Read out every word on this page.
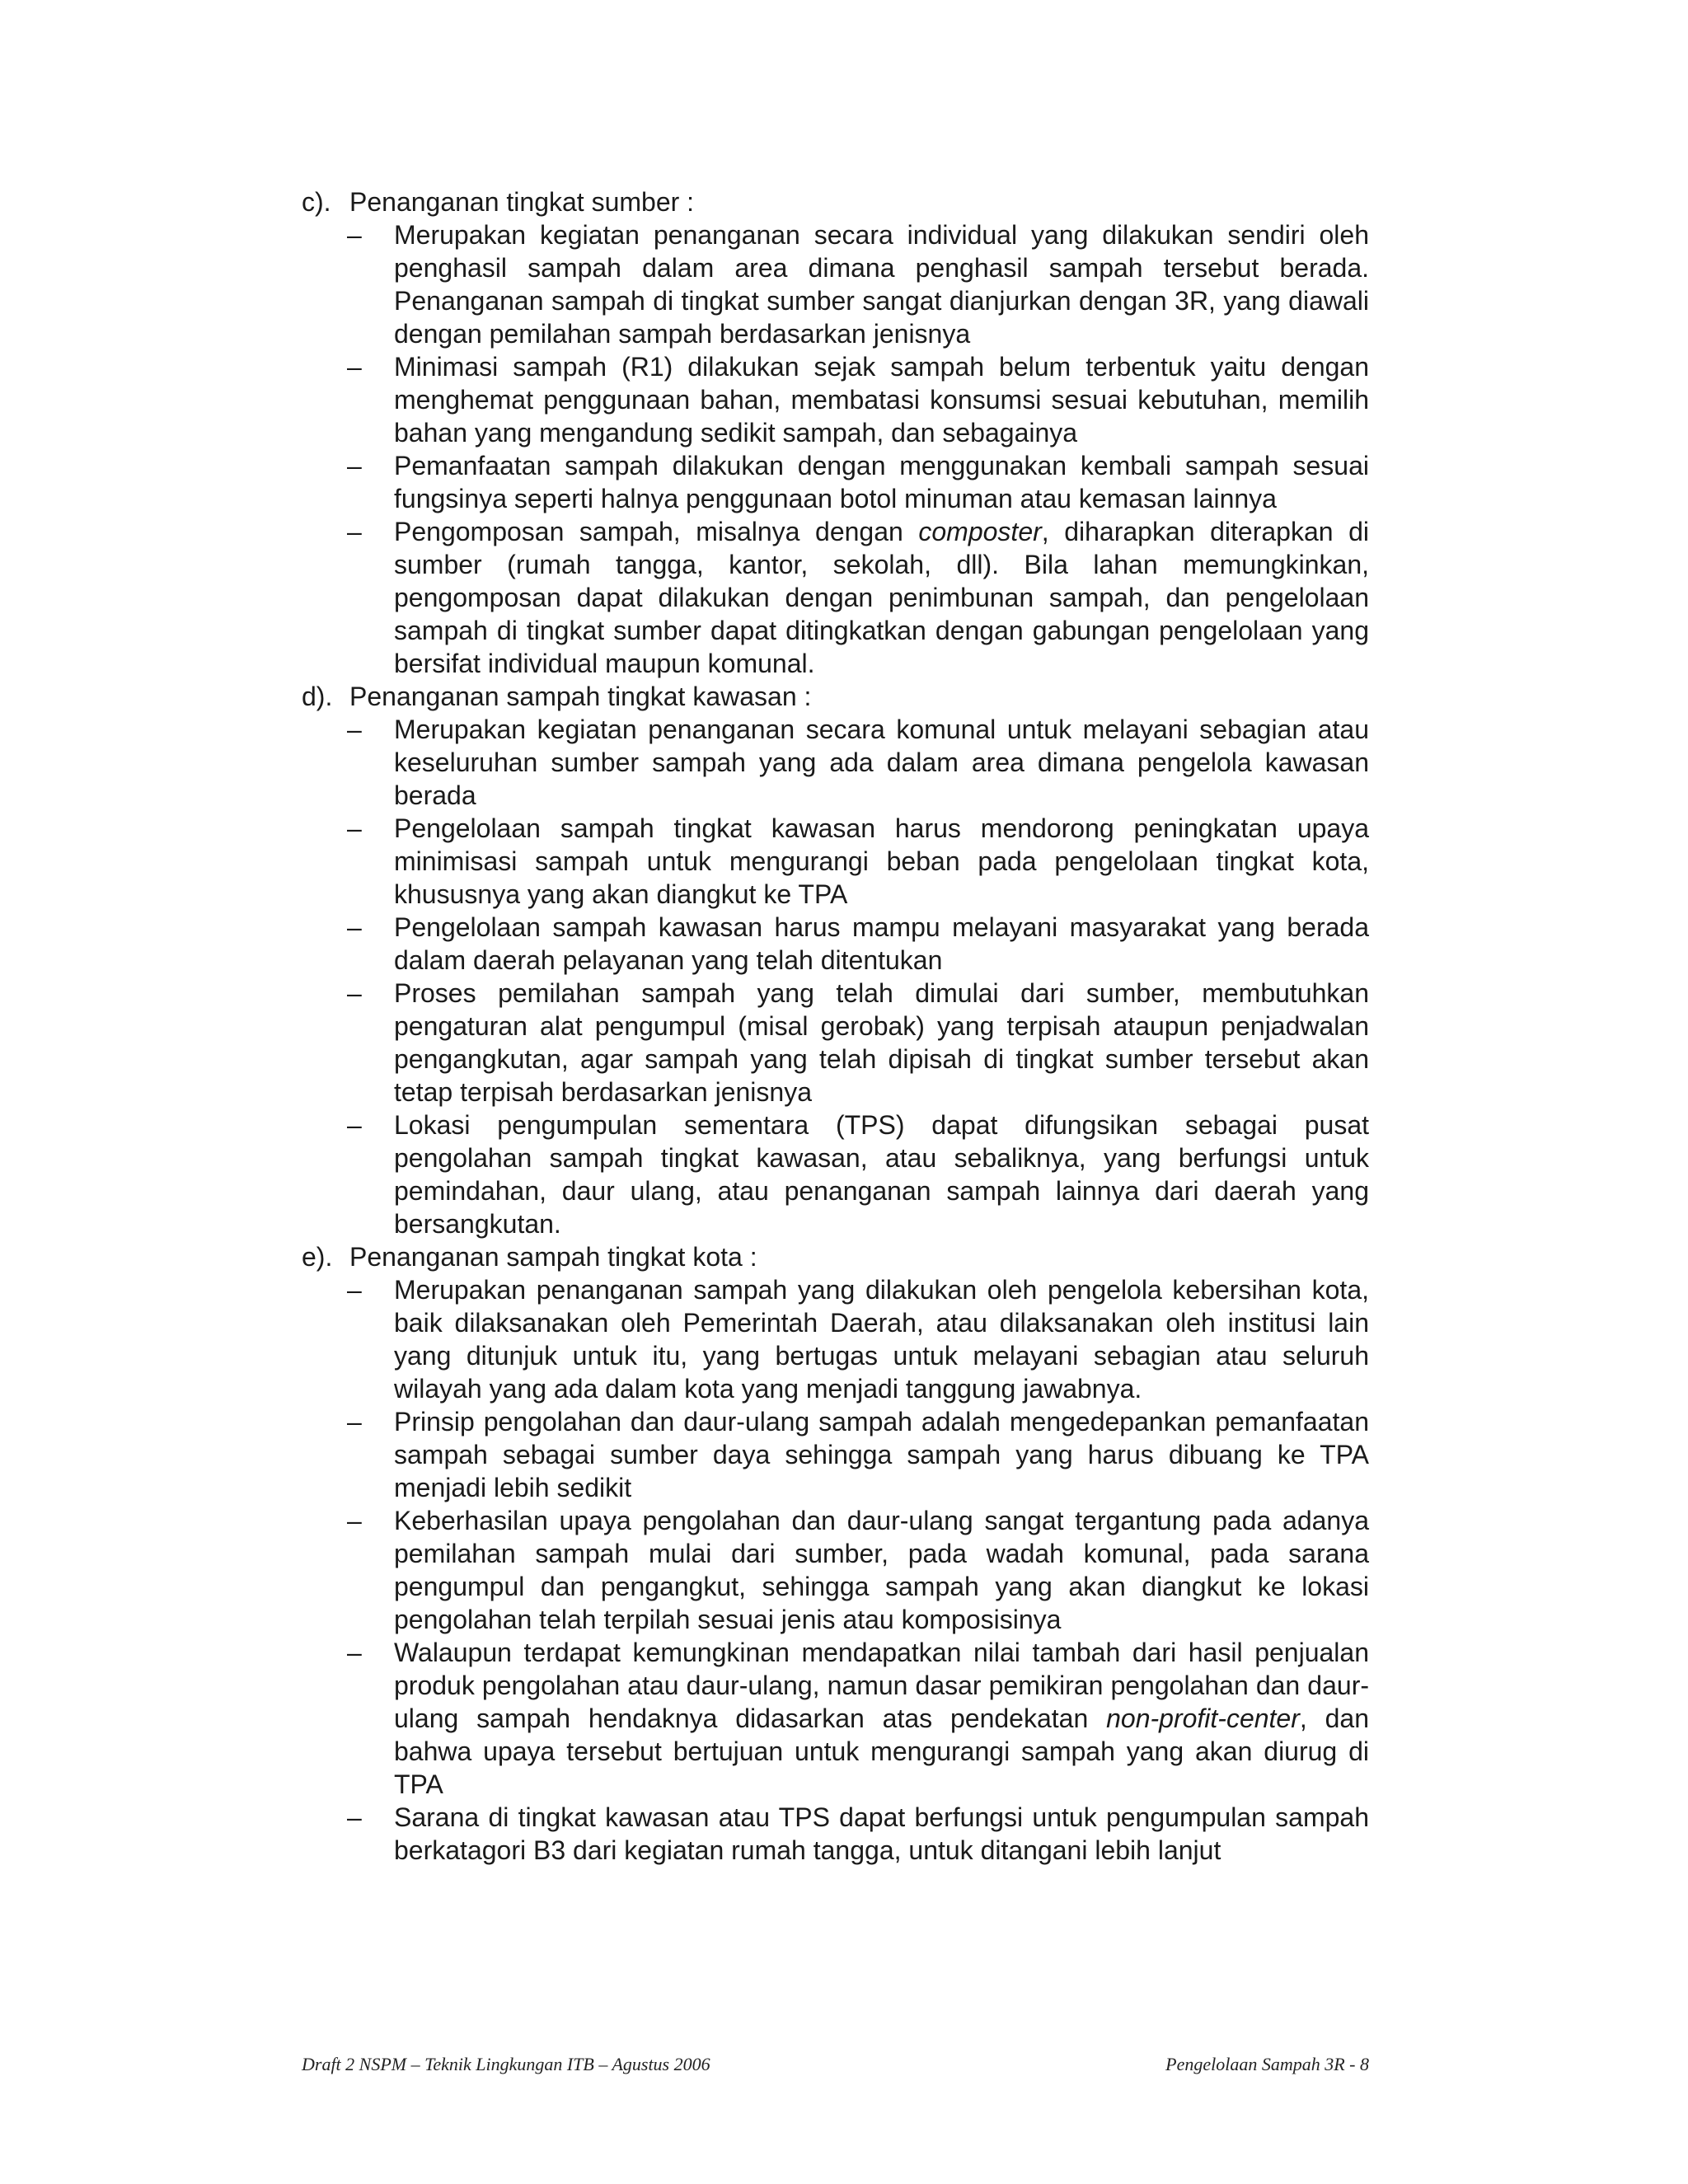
c). Penanganan tingkat sumber :
–	Merupakan kegiatan penanganan secara individual yang dilakukan sendiri oleh penghasil sampah dalam area dimana penghasil sampah tersebut berada. Penanganan sampah di tingkat sumber sangat dianjurkan dengan 3R, yang diawali dengan pemilahan sampah berdasarkan jenisnya
–	Minimasi sampah (R1) dilakukan sejak sampah belum terbentuk yaitu dengan menghemat penggunaan bahan, membatasi konsumsi sesuai kebutuhan, memilih bahan yang mengandung sedikit sampah, dan sebagainya
–	Pemanfaatan sampah dilakukan dengan menggunakan kembali sampah sesuai fungsinya seperti halnya penggunaan botol minuman atau kemasan lainnya
–	Pengomposan sampah, misalnya dengan composter, diharapkan diterapkan di sumber (rumah tangga, kantor, sekolah, dll). Bila lahan memungkinkan, pengomposan dapat dilakukan dengan penimbunan sampah, dan pengelolaan sampah di tingkat sumber dapat ditingkatkan dengan gabungan pengelolaan yang bersifat individual maupun komunal.
d). Penanganan sampah tingkat kawasan :
–	Merupakan kegiatan penanganan secara komunal untuk melayani sebagian atau keseluruhan sumber sampah yang ada dalam area dimana pengelola kawasan berada
–	Pengelolaan sampah tingkat kawasan harus mendorong peningkatan upaya minimisasi sampah untuk mengurangi beban pada pengelolaan tingkat kota, khususnya yang akan diangkut ke TPA
–	Pengelolaan sampah kawasan harus mampu melayani masyarakat yang berada dalam daerah pelayanan yang telah ditentukan
–	Proses pemilahan sampah yang telah dimulai dari sumber, membutuhkan pengaturan alat pengumpul (misal gerobak) yang terpisah ataupun penjadwalan pengangkutan, agar sampah yang telah dipisah di tingkat sumber tersebut akan tetap terpisah berdasarkan jenisnya
–	Lokasi pengumpulan sementara (TPS) dapat difungsikan sebagai pusat pengolahan sampah tingkat kawasan, atau sebaliknya, yang berfungsi untuk pemindahan, daur ulang, atau penanganan sampah lainnya dari daerah yang bersangkutan.
e). Penanganan sampah tingkat kota :
–	Merupakan penanganan sampah yang dilakukan oleh pengelola kebersihan kota, baik dilaksanakan oleh Pemerintah Daerah, atau dilaksanakan oleh institusi lain yang ditunjuk untuk itu, yang bertugas untuk melayani sebagian atau seluruh wilayah yang ada dalam kota yang menjadi tanggung jawabnya.
–	Prinsip pengolahan dan daur-ulang sampah adalah mengedepankan pemanfaatan sampah sebagai sumber daya sehingga sampah yang harus dibuang ke TPA menjadi lebih sedikit
–	Keberhasilan upaya pengolahan dan daur-ulang sangat tergantung pada adanya pemilahan sampah mulai dari sumber, pada wadah komunal, pada sarana pengumpul dan pengangkut, sehingga sampah yang akan diangkut ke lokasi pengolahan telah terpilah sesuai jenis atau komposisinya
–	Walaupun terdapat kemungkinan mendapatkan nilai tambah dari hasil penjualan produk pengolahan atau daur-ulang, namun dasar pemikiran pengolahan dan daur-ulang sampah hendaknya didasarkan atas pendekatan non-profit-center, dan bahwa upaya tersebut bertujuan untuk mengurangi sampah yang akan diurug di TPA
–	Sarana di tingkat kawasan atau TPS dapat berfungsi untuk pengumpulan sampah berkatagori B3 dari kegiatan rumah tangga, untuk ditangani lebih lanjut
Draft 2 NSPM – Teknik Lingkungan ITB – Agustus 2006	Pengelolaan Sampah 3R - 8
